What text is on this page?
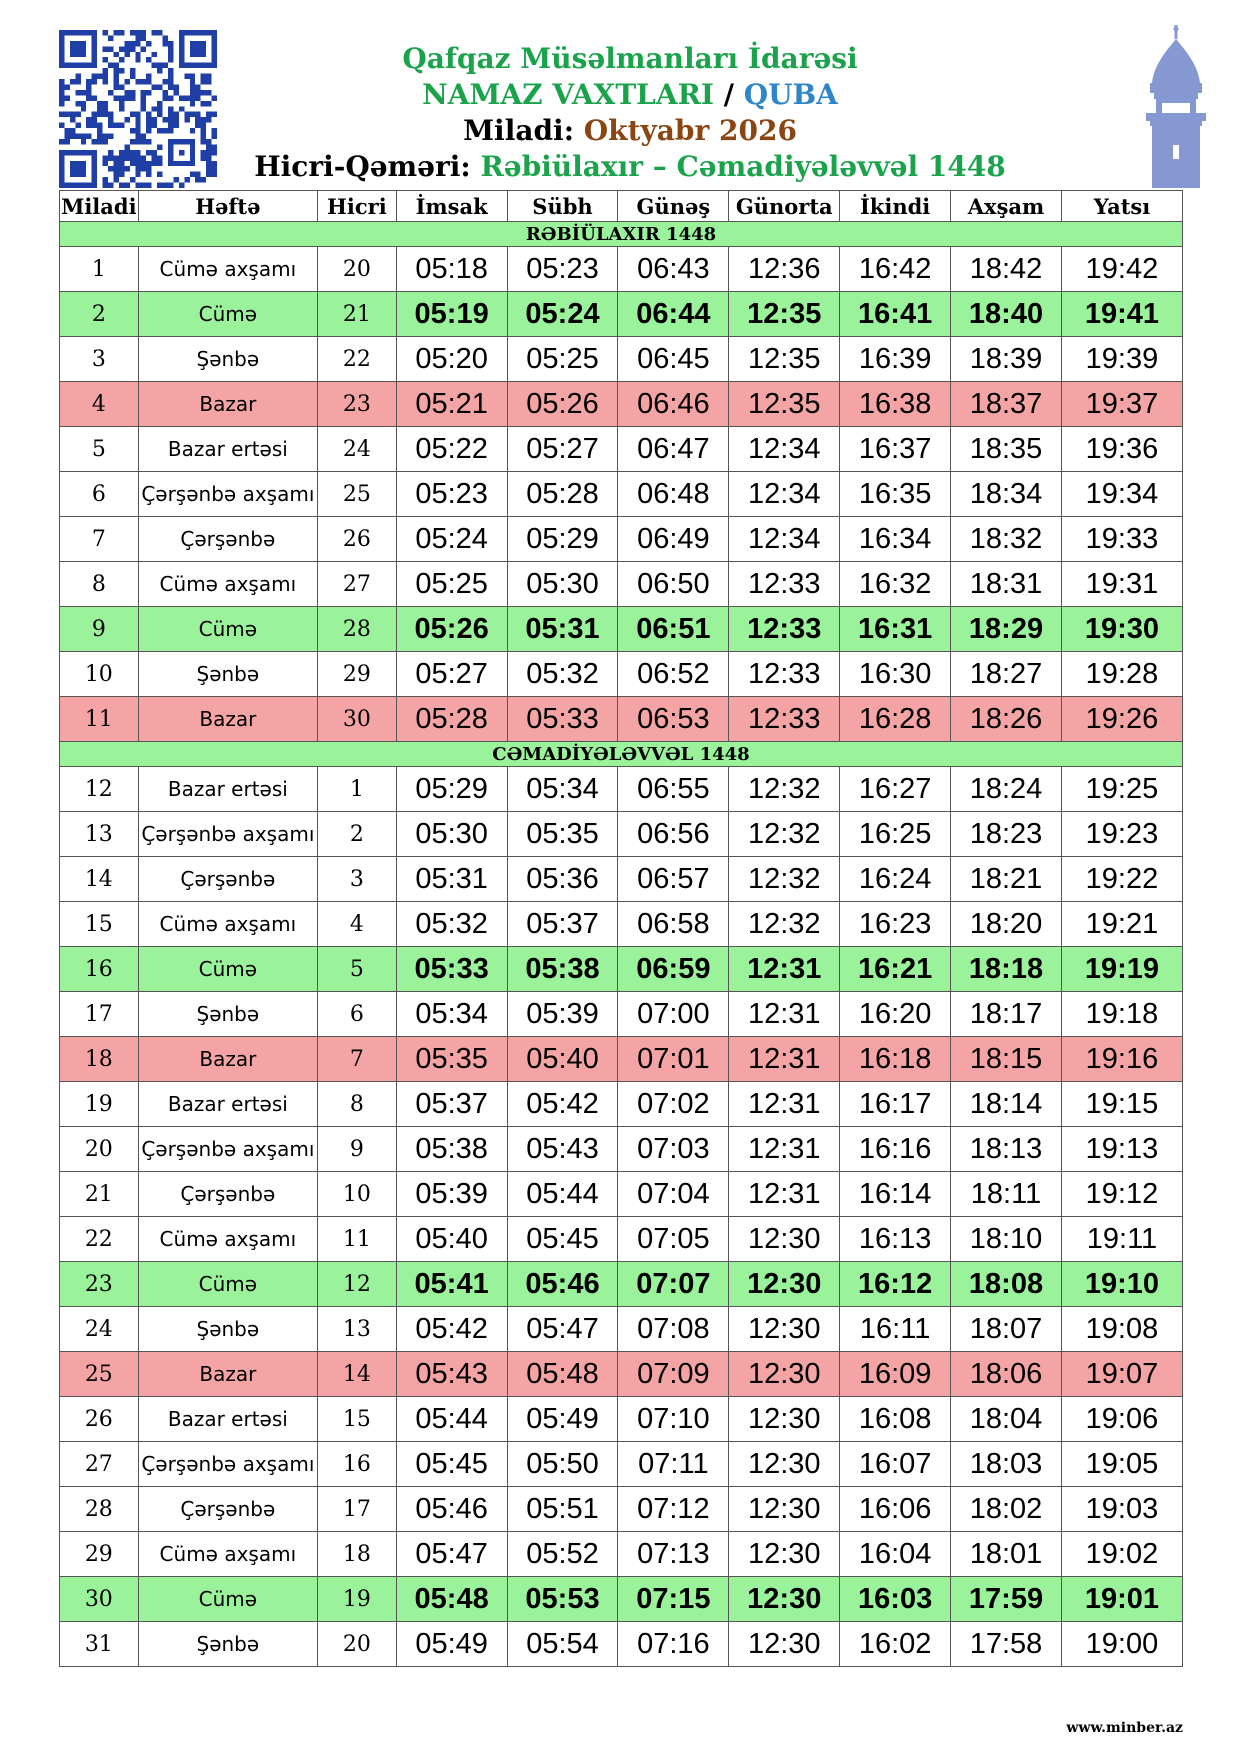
Qafqaz Müsəlmanları İdarəsi
NAMAZ VAXTLARI / QUBA
Miladi: Oktyabr 2026
Hicri-Qəməri: Rəbiülaxır – Cəmadiyələvvəl 1448
Miladi	Həftə	Hicri	İmsak	Sübh	Günəş	Günorta	İkindi	Axşam	Yatsı
RƏBİÜLAXIR 1448									
1	Cümə axşamı	20	05:18	05:23	06:43	12:36	16:42	18:42	19:42
2	Cümə	21	05:19	05:24	06:44	12:35	16:41	18:40	19:41
3	Şənbə	22	05:20	05:25	06:45	12:35	16:39	18:39	19:39
4	Bazar	23	05:21	05:26	06:46	12:35	16:38	18:37	19:37
5	Bazar ertəsi	24	05:22	05:27	06:47	12:34	16:37	18:35	19:36
6	Çərşənbə axşamı	25	05:23	05:28	06:48	12:34	16:35	18:34	19:34
7	Çərşənbə	26	05:24	05:29	06:49	12:34	16:34	18:32	19:33
8	Cümə axşamı	27	05:25	05:30	06:50	12:33	16:32	18:31	19:31
9	Cümə	28	05:26	05:31	06:51	12:33	16:31	18:29	19:30
10	Şənbə	29	05:27	05:32	06:52	12:33	16:30	18:27	19:28
11	Bazar	30	05:28	05:33	06:53	12:33	16:28	18:26	19:26
CƏMADİYƏLƏVVƏL 1448									
12	Bazar ertəsi	1	05:29	05:34	06:55	12:32	16:27	18:24	19:25
13	Çərşənbə axşamı	2	05:30	05:35	06:56	12:32	16:25	18:23	19:23
14	Çərşənbə	3	05:31	05:36	06:57	12:32	16:24	18:21	19:22
15	Cümə axşamı	4	05:32	05:37	06:58	12:32	16:23	18:20	19:21
16	Cümə	5	05:33	05:38	06:59	12:31	16:21	18:18	19:19
17	Şənbə	6	05:34	05:39	07:00	12:31	16:20	18:17	19:18
18	Bazar	7	05:35	05:40	07:01	12:31	16:18	18:15	19:16
19	Bazar ertəsi	8	05:37	05:42	07:02	12:31	16:17	18:14	19:15
20	Çərşənbə axşamı	9	05:38	05:43	07:03	12:31	16:16	18:13	19:13
21	Çərşənbə	10	05:39	05:44	07:04	12:31	16:14	18:11	19:12
22	Cümə axşamı	11	05:40	05:45	07:05	12:30	16:13	18:10	19:11
23	Cümə	12	05:41	05:46	07:07	12:30	16:12	18:08	19:10
24	Şənbə	13	05:42	05:47	07:08	12:30	16:11	18:07	19:08
25	Bazar	14	05:43	05:48	07:09	12:30	16:09	18:06	19:07
26	Bazar ertəsi	15	05:44	05:49	07:10	12:30	16:08	18:04	19:06
27	Çərşənbə axşamı	16	05:45	05:50	07:11	12:30	16:07	18:03	19:05
28	Çərşənbə	17	05:46	05:51	07:12	12:30	16:06	18:02	19:03
29	Cümə axşamı	18	05:47	05:52	07:13	12:30	16:04	18:01	19:02
30	Cümə	19	05:48	05:53	07:15	12:30	16:03	17:59	19:01
31	Şənbə	20	05:49	05:54	07:16	12:30	16:02	17:58	19:00
www.minber.az
